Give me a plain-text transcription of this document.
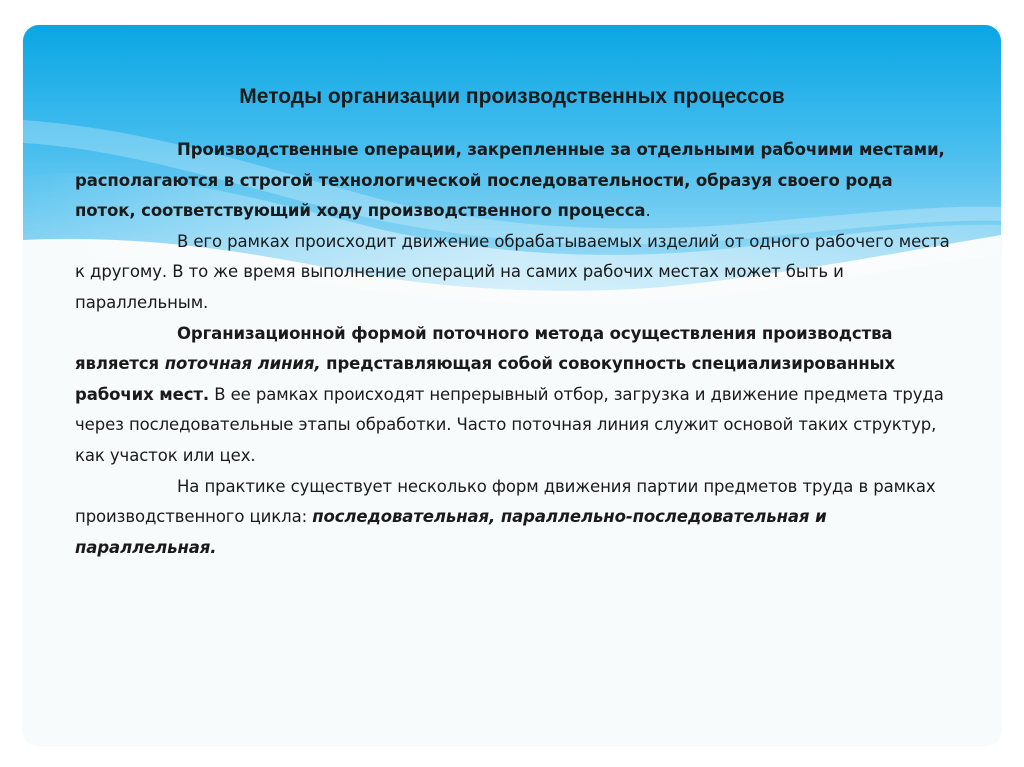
Методы организации производственных процессов

Производственные операции, закрепленные за отдельными рабочими местами, располагаются в строгой технологической последовательности, образуя своего рода поток, соответствующий ходу производственного процесса.

В его рамках происходит движение обрабатываемых изделий от одного рабочего места к другому. В то же время выполнение операций на самих рабочих местах может быть и параллельным.

Организационной формой поточного метода осуществления производства является поточная линия, представляющая собой совокупность специализированных рабочих мест. В ее рамках происходят непрерывный отбор, загрузка и движение предмета труда через последовательные этапы обработки. Часто поточная линия служит основой таких структур, как участок или цех.

На практике существует несколько форм движения партии предметов труда в рамках производственного цикла: последовательная, параллельно-последовательная и параллельная.
